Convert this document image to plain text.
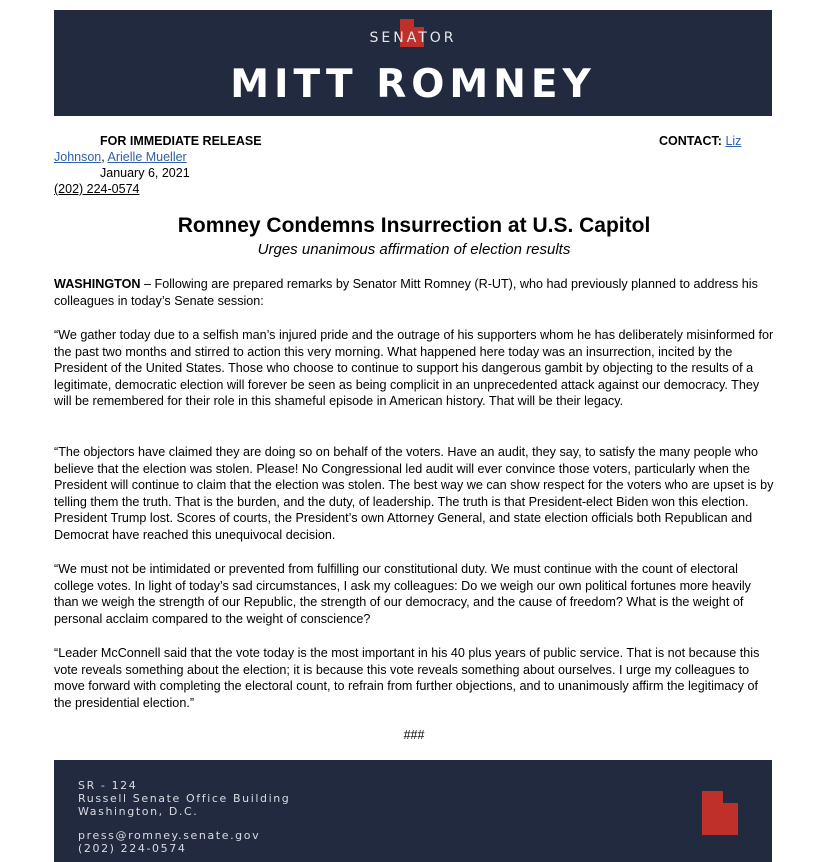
SENATOR
MITT ROMNEY
FOR IMMEDIATE RELEASE	CONTACT: Liz
Johnson, Arielle Mueller
January 6, 2021
(202) 224-0574
Romney Condemns Insurrection at U.S. Capitol
Urges unanimous affirmation of election results

WASHINGTON – Following are prepared remarks by Senator Mitt Romney (R-UT), who had previously planned to address his colleagues in today’s Senate session:

“We gather today due to a selfish man’s injured pride and the outrage of his supporters whom he has deliberately misinformed for the past two months and stirred to action this very morning. What happened here today was an insurrection, incited by the President of the United States. Those who choose to continue to support his dangerous gambit by objecting to the results of a legitimate, democratic election will forever be seen as being complicit in an unprecedented attack against our democracy. They will be remembered for their role in this shameful episode in American history. That will be their legacy.

“The objectors have claimed they are doing so on behalf of the voters. Have an audit, they say, to satisfy the many people who believe that the election was stolen. Please! No Congressional led audit will ever convince those voters, particularly when the President will continue to claim that the election was stolen. The best way we can show respect for the voters who are upset is by telling them the truth. That is the burden, and the duty, of leadership. The truth is that President-elect Biden won this election. President Trump lost. Scores of courts, the President’s own Attorney General, and state election officials both Republican and Democrat have reached this unequivocal decision.

“We must not be intimidated or prevented from fulfilling our constitutional duty. We must continue with the count of electoral college votes. In light of today’s sad circumstances, I ask my colleagues: Do we weigh our own political fortunes more heavily than we weigh the strength of our Republic, the strength of our democracy, and the cause of freedom? What is the weight of personal acclaim compared to the weight of conscience?

“Leader McConnell said that the vote today is the most important in his 40 plus years of public service. That is not because this vote reveals something about the election; it is because this vote reveals something about ourselves. I urge my colleagues to move forward with completing the electoral count, to refrain from further objections, and to unanimously affirm the legitimacy of the presidential election.”

###
SR - 124
Russell Senate Office Building
Washington, D.C.
press@romney.senate.gov
(202) 224-0574
